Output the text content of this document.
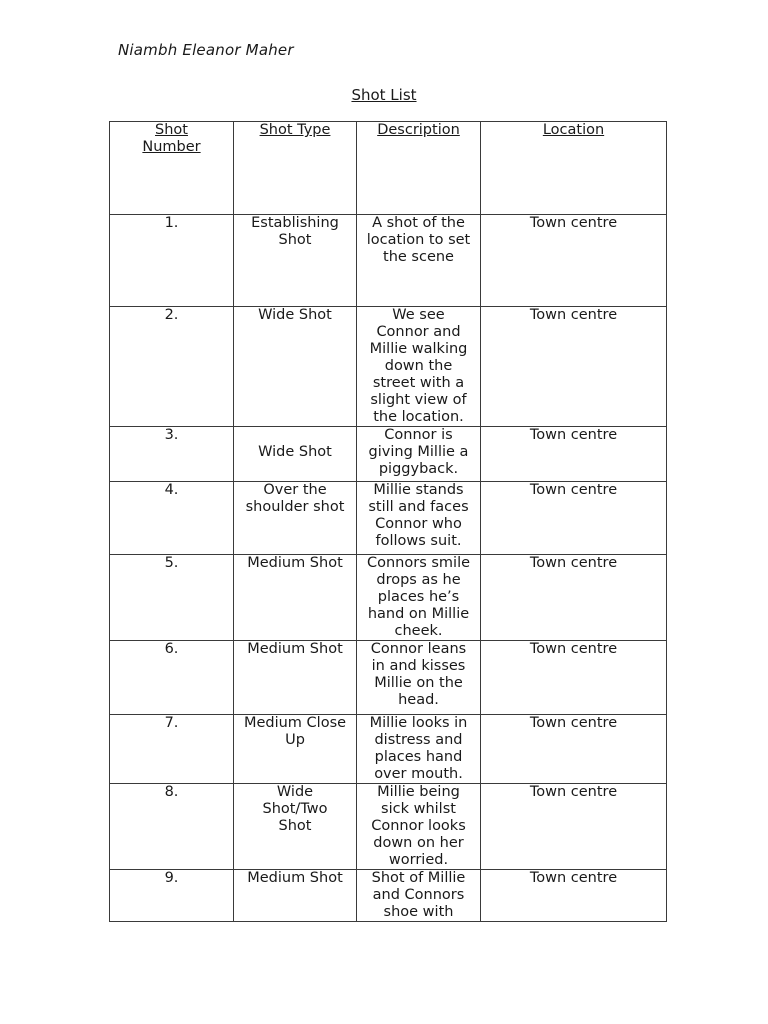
Niambh Eleanor Maher
Shot List
Shot Number	Shot Type	Description	Location
1.	Establishing Shot	A shot of the location to set the scene	Town centre
2.	Wide Shot	We see Connor and Millie walking down the street with a slight view of the location.	Town centre
3.	Wide Shot	Connor is giving Millie a piggyback.	Town centre
4.	Over the shoulder shot	Millie stands still and faces Connor who follows suit.	Town centre
5.	Medium Shot	Connors smile drops as he places he’s hand on Millie cheek.	Town centre
6.	Medium Shot	Connor leans in and kisses Millie on the head.	Town centre
7.	Medium Close Up	Millie looks in distress and places hand over mouth.	Town centre
8.	Wide Shot/Two Shot	Millie being sick whilst Connor looks down on her worried.	Town centre
9.	Medium Shot	Shot of Millie and Connors shoe with	Town centre
